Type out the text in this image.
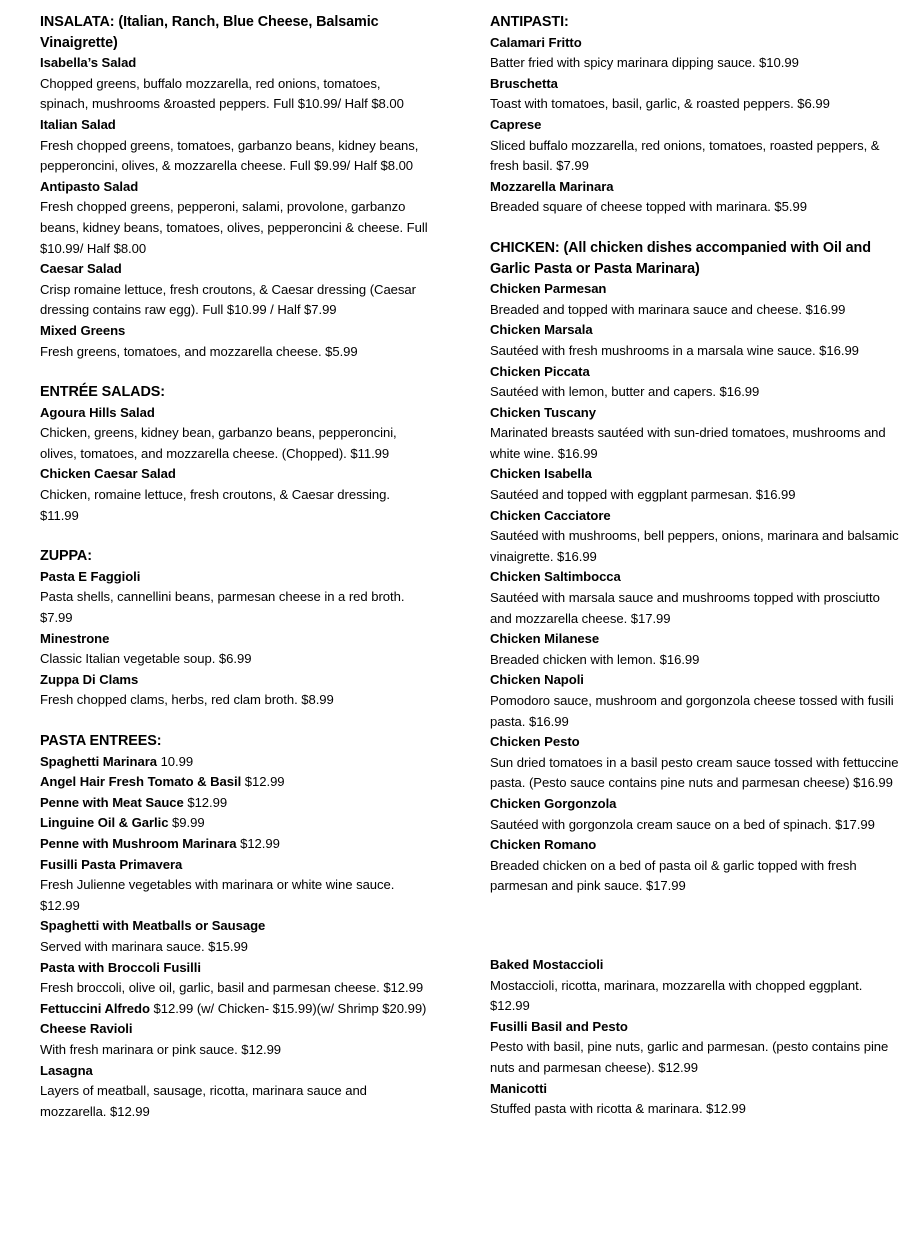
INSALATA: (Italian, Ranch, Blue Cheese, Balsamic Vinaigrette)
Isabella’s Salad
Chopped greens, buffalo mozzarella, red onions, tomatoes, spinach, mushrooms &roasted peppers. Full $10.99/ Half $8.00
Italian Salad
Fresh chopped greens, tomatoes, garbanzo beans, kidney beans, pepperoncini, olives, & mozzarella cheese. Full $9.99/ Half $8.00
Antipasto Salad
Fresh chopped greens, pepperoni, salami, provolone, garbanzo beans, kidney beans, tomatoes, olives, pepperoncini & cheese. Full $10.99/ Half $8.00
Caesar Salad
Crisp romaine lettuce, fresh croutons, & Caesar dressing (Caesar dressing contains raw egg). Full $10.99 / Half $7.99
Mixed Greens
Fresh greens, tomatoes, and mozzarella cheese. $5.99
ENTRÉE SALADS:
Agoura Hills Salad
Chicken, greens, kidney bean, garbanzo beans, pepperoncini, olives, tomatoes, and mozzarella cheese. (Chopped). $11.99
Chicken Caesar Salad
Chicken, romaine lettuce, fresh croutons, & Caesar dressing. $11.99
ZUPPA:
Pasta E Faggioli
Pasta shells, cannellini beans, parmesan cheese in a red broth. $7.99
Minestrone
Classic Italian vegetable soup. $6.99
Zuppa Di Clams
Fresh chopped clams, herbs, red clam broth. $8.99
PASTA ENTREES:
Spaghetti Marinara 10.99
Angel Hair Fresh Tomato & Basil $12.99
Penne with Meat Sauce $12.99
Linguine Oil & Garlic $9.99
Penne with Mushroom Marinara $12.99
Fusilli Pasta Primavera
Fresh Julienne vegetables with marinara or white wine sauce. $12.99
Spaghetti with Meatballs or Sausage
Served with marinara sauce. $15.99
Pasta with Broccoli Fusilli
Fresh broccoli, olive oil, garlic, basil and parmesan cheese. $12.99
Fettuccini Alfredo $12.99 (w/ Chicken- $15.99)(w/ Shrimp $20.99)
Cheese Ravioli
With fresh marinara or pink sauce. $12.99
Lasagna
Layers of meatball, sausage, ricotta, marinara sauce and mozzarella. $12.99
ANTIPASTI:
Calamari Fritto
Batter fried with spicy marinara dipping sauce. $10.99
Bruschetta
Toast with tomatoes, basil, garlic, & roasted peppers. $6.99
Caprese
Sliced buffalo mozzarella, red onions, tomatoes, roasted peppers, & fresh basil. $7.99
Mozzarella Marinara
Breaded square of cheese topped with marinara. $5.99
CHICKEN: (All chicken dishes accompanied with Oil and Garlic Pasta or Pasta Marinara)
Chicken Parmesan
Breaded and topped with marinara sauce and cheese. $16.99
Chicken Marsala
Sautéed with fresh mushrooms in a marsala wine sauce. $16.99
Chicken Piccata
Sautéed with lemon, butter and capers. $16.99
Chicken Tuscany
Marinated breasts sautéed with sun-dried tomatoes, mushrooms and white wine. $16.99
Chicken Isabella
Sautéed and topped with eggplant parmesan. $16.99
Chicken Cacciatore
Sautéed with mushrooms, bell peppers, onions, marinara and balsamic vinaigrette. $16.99
Chicken Saltimbocca
Sautéed with marsala sauce and mushrooms topped with prosciutto and mozzarella cheese. $17.99
Chicken Milanese
Breaded chicken with lemon. $16.99
Chicken Napoli
Pomodoro sauce, mushroom and gorgonzola cheese tossed with fusili pasta. $16.99
Chicken Pesto
Sun dried tomatoes in a basil pesto cream sauce tossed with fettuccine pasta. (Pesto sauce contains pine nuts and parmesan cheese) $16.99
Chicken Gorgonzola
Sautéed with gorgonzola cream sauce on a bed of spinach. $17.99
Chicken Romano
Breaded chicken on a bed of pasta oil & garlic topped with fresh parmesan and pink sauce. $17.99
Baked Mostaccioli
Mostaccioli, ricotta, marinara, mozzarella with chopped eggplant. $12.99
Fusilli Basil and Pesto
Pesto with basil, pine nuts, garlic and parmesan. (pesto contains pine nuts and parmesan cheese). $12.99
Manicotti
Stuffed pasta with ricotta & marinara. $12.99
